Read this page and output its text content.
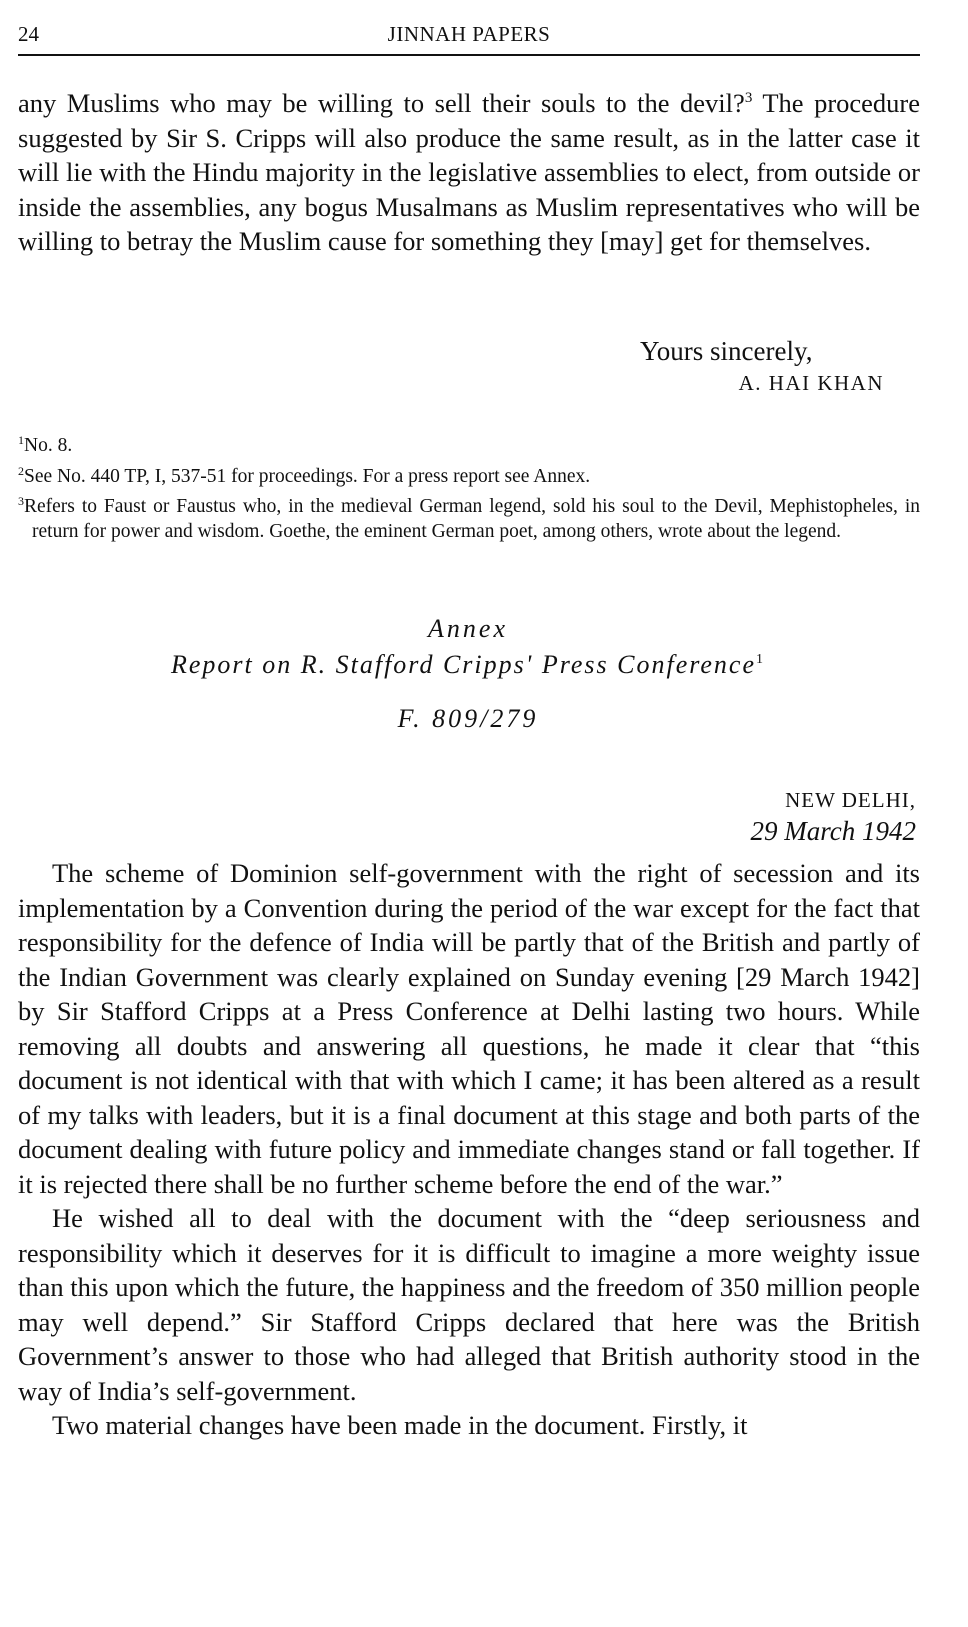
24	JINNAH PAPERS

any Muslims who may be willing to sell their souls to the devil?$^3$ The procedure suggested by Sir S. Cripps will also produce the same result, as in the latter case it will lie with the Hindu majority in the legislative assemblies to elect, from outside or inside the assemblies, any bogus Musalmans as Muslim representatives who will be willing to betray the Muslim cause for something they [may] get for themselves.

Yours sincerely,
A. HAI KHAN

$^1$No. 8.

$^2$See No. 440 TP, I, 537-51 for proceedings. For a press report see Annex.

$^3$Refers to Faust or Faustus who, in the medieval German legend, sold his soul to the Devil, Mephistopheles, in return for power and wisdom. Goethe, the eminent German poet, among others, wrote about the legend.

Annex
Report on R. Stafford Cripps' Press Conference$^1$
F. 809/279
NEW DELHI,
29 March 1942

The scheme of Dominion self-government with the right of secession and its implementation by a Convention during the period of the war except for the fact that responsibility for the defence of India will be partly that of the British and partly of the Indian Government was clearly explained on Sunday evening [29 March 1942] by Sir Stafford Cripps at a Press Conference at Delhi lasting two hours. While removing all doubts and answering all questions, he made it clear that “this document is not identical with that with which I came; it has been altered as a result of my talks with leaders, but it is a final document at this stage and both parts of the document dealing with future policy and immediate changes stand or fall together. If it is rejected there shall be no further scheme before the end of the war.”

He wished all to deal with the document with the “deep seriousness and responsibility which it deserves for it is difficult to imagine a more weighty issue than this upon which the future, the happiness and the freedom of 350 million people may well depend.” Sir Stafford Cripps declared that here was the British Government’s answer to those who had alleged that British authority stood in the way of India’s self-government.

Two material changes have been made in the document. Firstly, it
